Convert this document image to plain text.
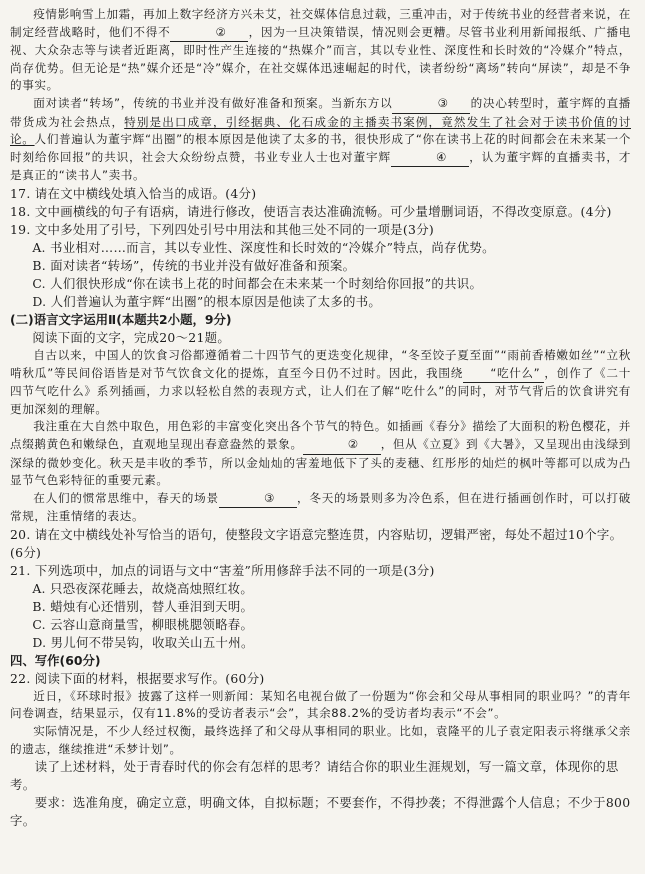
疫情影响雪上加霜，再加上数字经济方兴未艾，社交媒体信息过载，三重冲击，对于传统书业的经营者来说，在制定经营战略时，他们不得不	② ，因为一旦决策错误，情况则会更糟。尽管书业利用新闻报纸、广播电视、大众杂志等与读者近距离，即时性产生连接的“热媒介”而言，其以专业性、深度性和长时效的“冷媒介”特点，尚存优势。但无论是“热”媒介还是“冷”媒介，在社交媒体迅速崛起的时代，读者纷纷“离场”转向“屏读”，却是不争的事实。

面对读者“转场”，传统的书业并没有做好准备和预案。当新东方以	③ 的决心转型时，董宇辉的直播带货成为社会热点，特别是出口成章，引经据典、化石成金的主播卖书案例，竟然发生了社会对于读书价值的讨论。人们普遍认为董宇辉“出圈”的根本原因是他读了太多的书，很快形成了“你在读书上花的时间都会在未来某一个时刻给你回报”的共识，社会大众纷纷点赞，书业专业人士也对董宇辉	④ ，认为董宇辉的直播卖书，才是真正的“读书人”卖书。

17. 请在文中横线处填入恰当的成语。(4分)

18. 文中画横线的句子有语病，请进行修改，使语言表达准确流畅。可少量增删词语，不得改变原意。(4分)

19. 文中多处用了引号，下列四处引号中用法和其他三处不同的一项是(3分)

A. 书业相对……而言，其以专业性、深度性和长时效的“冷媒介”特点，尚存优势。

B. 面对读者“转场”，传统的书业并没有做好准备和预案。

C. 人们很快形成“你在读书上花的时间都会在未来某一个时刻给你回报”的共识。

D. 人们普遍认为董宇辉“出圈”的根本原因是他读了太多的书。

(二)语言文字运用Ⅱ(本题共2小题，9分)

阅读下面的文字，完成20～21题。

自古以来，中国人的饮食习俗都遵循着二十四节气的更迭变化规律，“冬至饺子夏至面”“雨前香椿嫩如丝”“立秋啃秋瓜”等民间俗语皆是对节气饮食文化的提炼，直至今日仍不过时。因此，我围绕 “吃什么” ，创作了《二十四节气吃什么》系列插画，力求以轻松自然的表现方式，让人们在了解“吃什么”的同时，对节气背后的饮食讲究有更加深刻的理解。

我注重在大自然中取色，用色彩的丰富变化突出各个节气的特色。如插画《春分》描绘了大面积的粉色樱花，并点缀鹅黄色和嫩绿色，直观地呈现出春意盎然的景象。	② ，但从《立夏》到《大暑》，又呈现出由浅绿到深绿的微妙变化。秋天是丰收的季节，所以金灿灿的害羞地低下了头的麦穗、红彤彤的灿烂的枫叶等都可以成为凸显节气色彩特征的重要元素。

在人们的惯常思维中，春天的场景	③ ，冬天的场景则多为冷色系，但在进行插画创作时，可以打破常规，注重情绪的表达。

20. 请在文中横线处补写恰当的语句，使整段文字语意完整连贯，内容贴切，逻辑严密，每处不超过10个字。(6分)

21. 下列选项中，加点的词语与文中“害羞”所用修辞手法不同的一项是(3分)

A. 只恐夜深花睡去，故烧高烛照红妆。

B. 蜡烛有心还惜别，替人垂泪到天明。

C. 云容山意商量雪，柳眼桃腮领略春。

D. 男儿何不带吴钩，收取关山五十州。

四、写作(60分)

22. 阅读下面的材料，根据要求写作。(60分)

近日，《环球时报》披露了这样一则新闻：某知名电视台做了一份题为“你会和父母从事相同的职业吗？”的青年问卷调查，结果显示，仅有11.8%的受访者表示“会”，其余88.2%的受访者均表示“不会”。

实际情况是，不少人经过权衡，最终选择了和父母从事相同的职业。比如，袁隆平的儿子袁定阳表示将继承父亲的遗志，继续推进“禾梦计划”。

读了上述材料，处于青春时代的你会有怎样的思考？请结合你的职业生涯规划，写一篇文章，体现你的思考。

要求：选准角度，确定立意，明确文体，自拟标题；不要套作，不得抄袭；不得泄露个人信息；不少于800字。
